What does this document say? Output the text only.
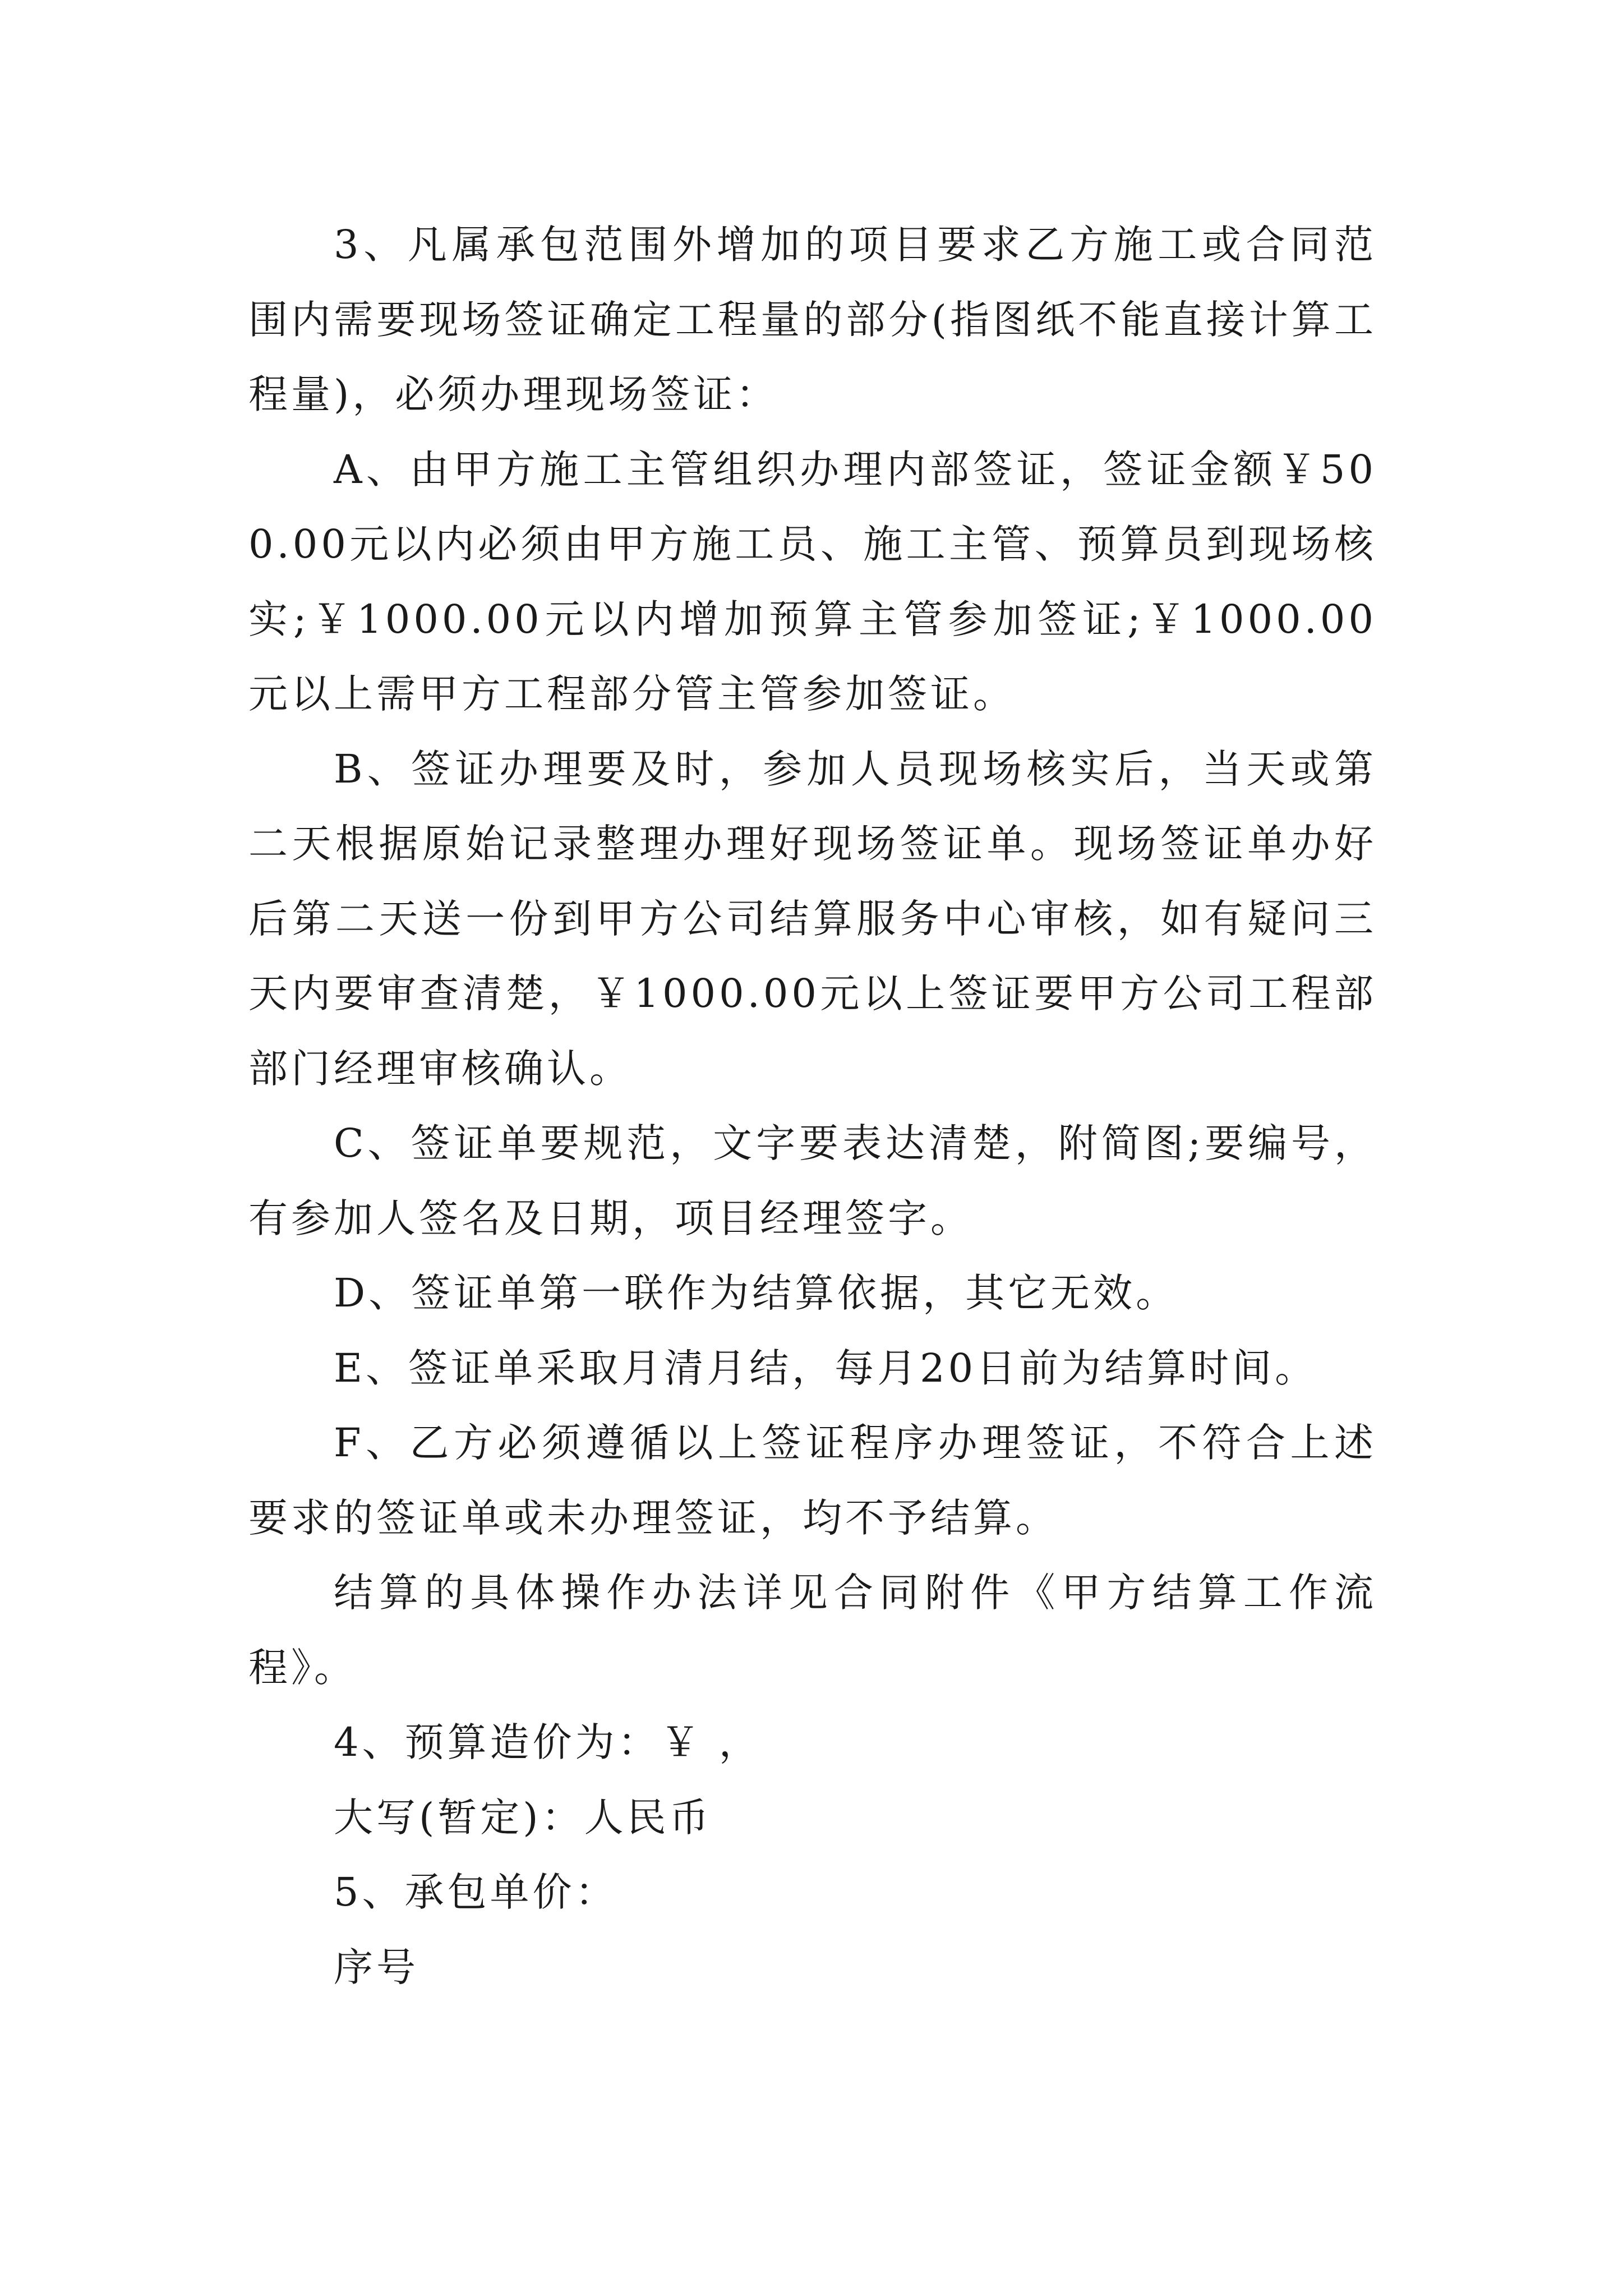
3、凡属承包范围外增加的项目要求乙方施工或合同范围内需要现场签证确定工程量的部分(指图纸不能直接计算工程量)，必须办理现场签证：

A、由甲方施工主管组织办理内部签证，签证金额￥500.00元以内必须由甲方施工员、施工主管、预算员到现场核实;￥1000.00元以内增加预算主管参加签证;￥1000.00元以上需甲方工程部分管主管参加签证。

B、签证办理要及时，参加人员现场核实后，当天或第二天根据原始记录整理办理好现场签证单。现场签证单办好后第二天送一份到甲方公司结算服务中心审核，如有疑问三天内要审查清楚，￥1000.00元以上签证要甲方公司工程部部门经理审核确认。

C、签证单要规范，文字要表达清楚，附简图;要编号，有参加人签名及日期，项目经理签字。

D、签证单第一联作为结算依据，其它无效。

E、签证单采取月清月结，每月20日前为结算时间。

F、乙方必须遵循以上签证程序办理签证，不符合上述要求的签证单或未办理签证，均不予结算。

结算的具体操作办法详见合同附件《甲方结算工作流程》。

4、预算造价为：￥ ，

大写(暂定)：人民币

5、承包单价：

序号
